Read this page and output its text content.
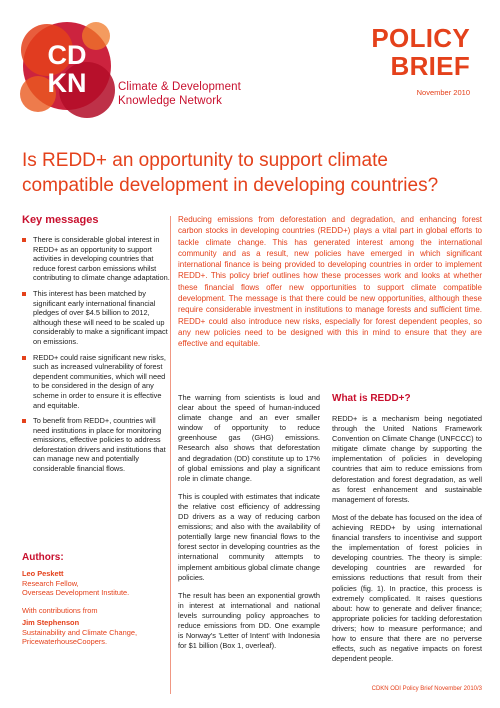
CD
KN	Climate & Development
Knowledge Network
POLICY
BRIEF
November 2010
Is REDD+ an opportunity to support climate compatible development in developing countries?
Key messages
There is considerable global interest in REDD+ as an opportunity to support activities in developing countries that reduce forest carbon emissions whilst contributing to climate change adaptation.
This interest has been matched by significant early international financial pledges of over $4.5 billion to 2012, although these will need to be scaled up considerably to make a significant impact on emissions.
REDD+ could raise significant new risks, such as increased vulnerability of forest dependent communities, which will need to be considered in the design of any scheme in order to ensure it is effective and equitable.
To benefit from REDD+, countries will need institutions in place for monitoring emissions, effective policies to address deforestation drivers and institutions that can manage new and potentially considerable financial flows.
Authors:
Leo Peskett
Research Fellow,
Overseas Development Institute.
With contributions from
Jim Stephenson
Sustainability and Climate Change,
PricewaterhouseCoopers.

Reducing emissions from deforestation and degradation, and enhancing forest carbon stocks in developing countries (REDD+) plays a vital part in global efforts to tackle climate change. This has generated interest among the international community and as a result, new policies have emerged in which significant international finance is being provided to developing countries in order to implement REDD+. This policy brief outlines how these processes work and looks at whether these financial flows offer new opportunities to support climate compatible development. The message is that there could be new opportunities, although these require considerable investment in institutions to manage forests and sufficient time. REDD+ could also introduce new risks, especially for forest dependent peoples, so any new policies need to be designed with this in mind to ensure that they are effective and equitable.

The warning from scientists is loud and clear about the speed of human-induced climate change and an ever smaller window of opportunity to reduce greenhouse gas (GHG) emissions. Research also shows that deforestation and degradation (DD) constitute up to 17% of global emissions and play a significant role in climate change.

This is coupled with estimates that indicate the relative cost efficiency of addressing DD drivers as a way of reducing carbon emissions; and also with the availability of potentially large new financial flows to the forest sector in developing countries as the international community attempts to implement ambitious global climate change policies.

The result has been an exponential growth in interest at international and national levels surrounding policy approaches to reduce emissions from DD. One example is Norway's 'Letter of Intent' with Indonesia for $1 billion (Box 1, overleaf).

What is REDD+?

REDD+ is a mechanism being negotiated through the United Nations Framework Convention on Climate Change (UNFCCC) to mitigate climate change by supporting the implementation of policies in developing countries that aim to reduce emissions from deforestation and forest degradation, as well as forest enhancement and sustainable management of forests.

Most of the debate has focused on the idea of achieving REDD+ by using international financial transfers to incentivise and support the implementation of forest policies in developing countries. The theory is simple: developing countries are rewarded for emissions reductions that result from their policies (fig. 1). In practice, this process is extremely complicated. It raises questions about: how to generate and deliver finance; appropriate policies for tackling deforestation drivers; how to measure performance; and how to ensure that there are no perverse effects, such as negative impacts on forest dependent people.

CDKN ODI Policy Brief November 2010/3
